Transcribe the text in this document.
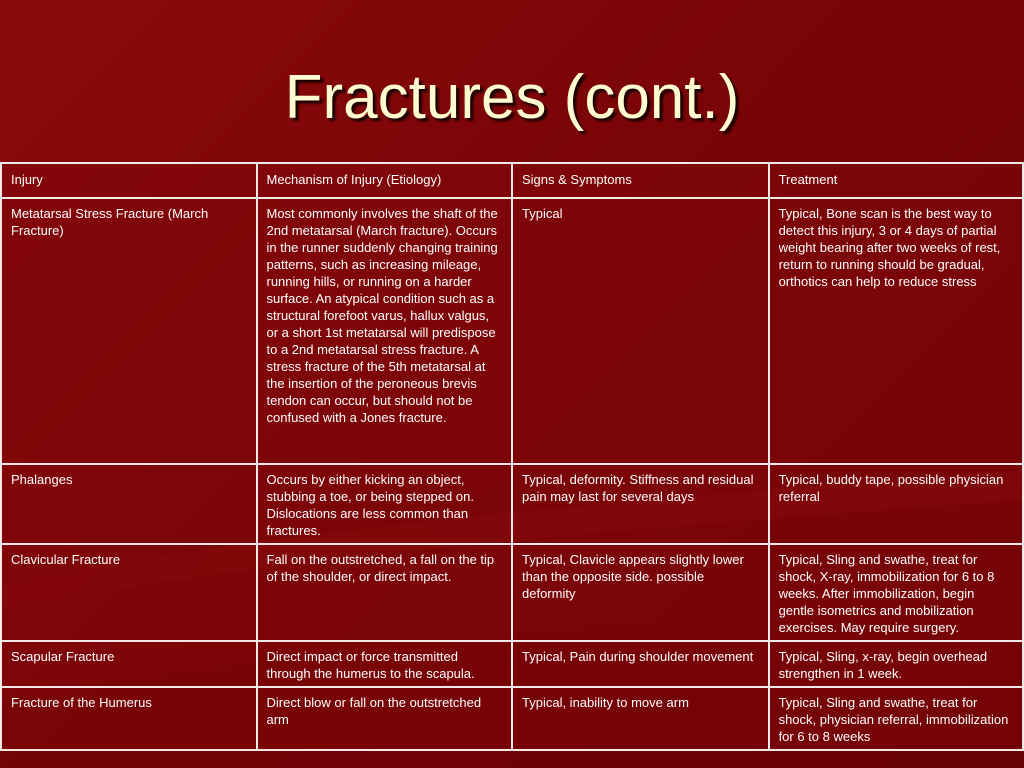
Fractures (cont.)
Injury	Mechanism of Injury (Etiology)	Signs & Symptoms	Treatment
Metatarsal Stress Fracture (March Fracture)	Most commonly involves the shaft of the 2nd metatarsal (March fracture). Occurs in the runner suddenly changing training patterns, such as increasing mileage, running hills, or running on a harder surface. An atypical condition such as a structural forefoot varus, hallux valgus, or a short 1st metatarsal will predispose to a 2nd metatarsal stress fracture. A stress fracture of the 5th metatarsal at the insertion of the peroneous brevis tendon can occur, but should not be confused with a Jones fracture.	Typical	Typical, Bone scan is the best way to detect this injury, 3 or 4 days of partial weight bearing after two weeks of rest, return to running should be gradual, orthotics can help to reduce stress
Phalanges	Occurs by either kicking an object, stubbing a toe, or being stepped on. Dislocations are less common than fractures.	Typical, deformity. Stiffness and residual pain may last for several days	Typical, buddy tape, possible physician referral
Clavicular Fracture	Fall on the outstretched, a fall on the tip of the shoulder, or direct impact.	Typical, Clavicle appears slightly lower than the opposite side. possible deformity	Typical, Sling and swathe, treat for shock, X-ray, immobilization for 6 to 8 weeks. After immobilization, begin gentle isometrics and mobilization exercises. May require surgery.
Scapular Fracture	Direct impact or force transmitted through the humerus to the scapula.	Typical, Pain during shoulder movement	Typical, Sling, x-ray, begin overhead strengthen in 1 week.
Fracture of the Humerus	Direct blow or fall on the outstretched arm	Typical, inability to move arm	Typical, Sling and swathe, treat for shock, physician referral, immobilization for 6 to 8 weeks
